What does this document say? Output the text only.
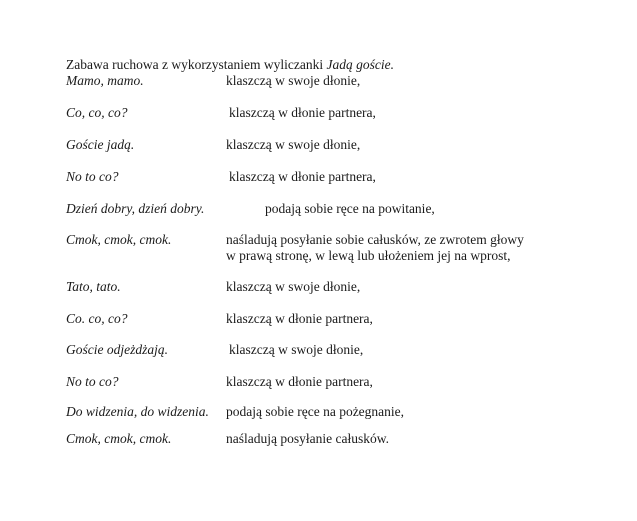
Zabawa ruchowa z wykorzystaniem wyliczanki Jadą goście.
Mamo, mamo.	klaszczą w swoje dłonie,
Co, co, co?	klaszczą w dłonie partnera,
Goście jadą.	klaszczą w swoje dłonie,
No to co?	klaszczą w dłonie partnera,
Dzień dobry, dzień dobry.	podają sobie ręce na powitanie,
Cmok, cmok, cmok.	naśladują posyłanie sobie całusków, ze zwrotem głowy
w prawą stronę, w lewą lub ułożeniem jej na wprost,
Tato, tato.	klaszczą w swoje dłonie,
Co. co, co?	klaszczą w dłonie partnera,
Goście odjeżdżają.	klaszczą w swoje dłonie,
No to co?	klaszczą w dłonie partnera,
Do widzenia, do widzenia. podają sobie ręce na pożegnanie,
Cmok, cmok, cmok.	naśladują posyłanie całusków.
